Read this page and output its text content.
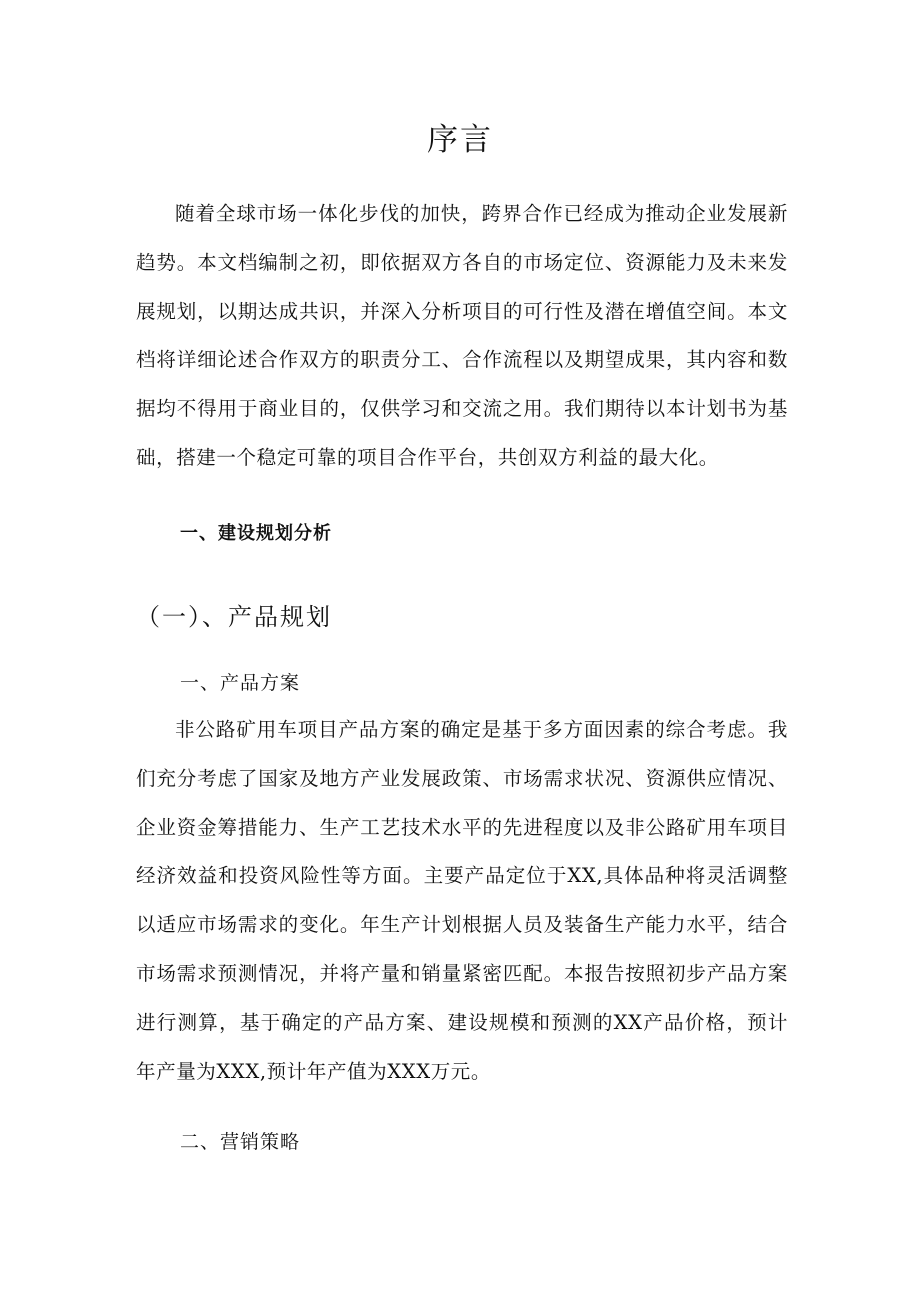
序言

随着全球市场一体化步伐的加快，跨界合作已经成为推动企业发展新趋势。本文档编制之初，即依据双方各自的市场定位、资源能力及未来发展规划，以期达成共识，并深入分析项目的可行性及潜在增值空间。本文档将详细论述合作双方的职责分工、合作流程以及期望成果，其内容和数据均不得用于商业目的，仅供学习和交流之用。我们期待以本计划书为基础，搭建一个稳定可靠的项目合作平台，共创双方利益的最大化。

一、建设规划分析
（一）、产品规划
一、产品方案

非公路矿用车项目产品方案的确定是基于多方面因素的综合考虑。我们充分考虑了国家及地方产业发展政策、市场需求状况、资源供应情况、企业资金筹措能力、生产工艺技术水平的先进程度以及非公路矿用车项目经济效益和投资风险性等方面。主要产品定位于XX,具体品种将灵活调整以适应市场需求的变化。年生产计划根据人员及装备生产能力水平，结合市场需求预测情况，并将产量和销量紧密匹配。本报告按照初步产品方案进行测算，基于确定的产品方案、建设规模和预测的XX产品价格，预计年产量为XXX,预计年产值为XXX万元。

二、营销策略
